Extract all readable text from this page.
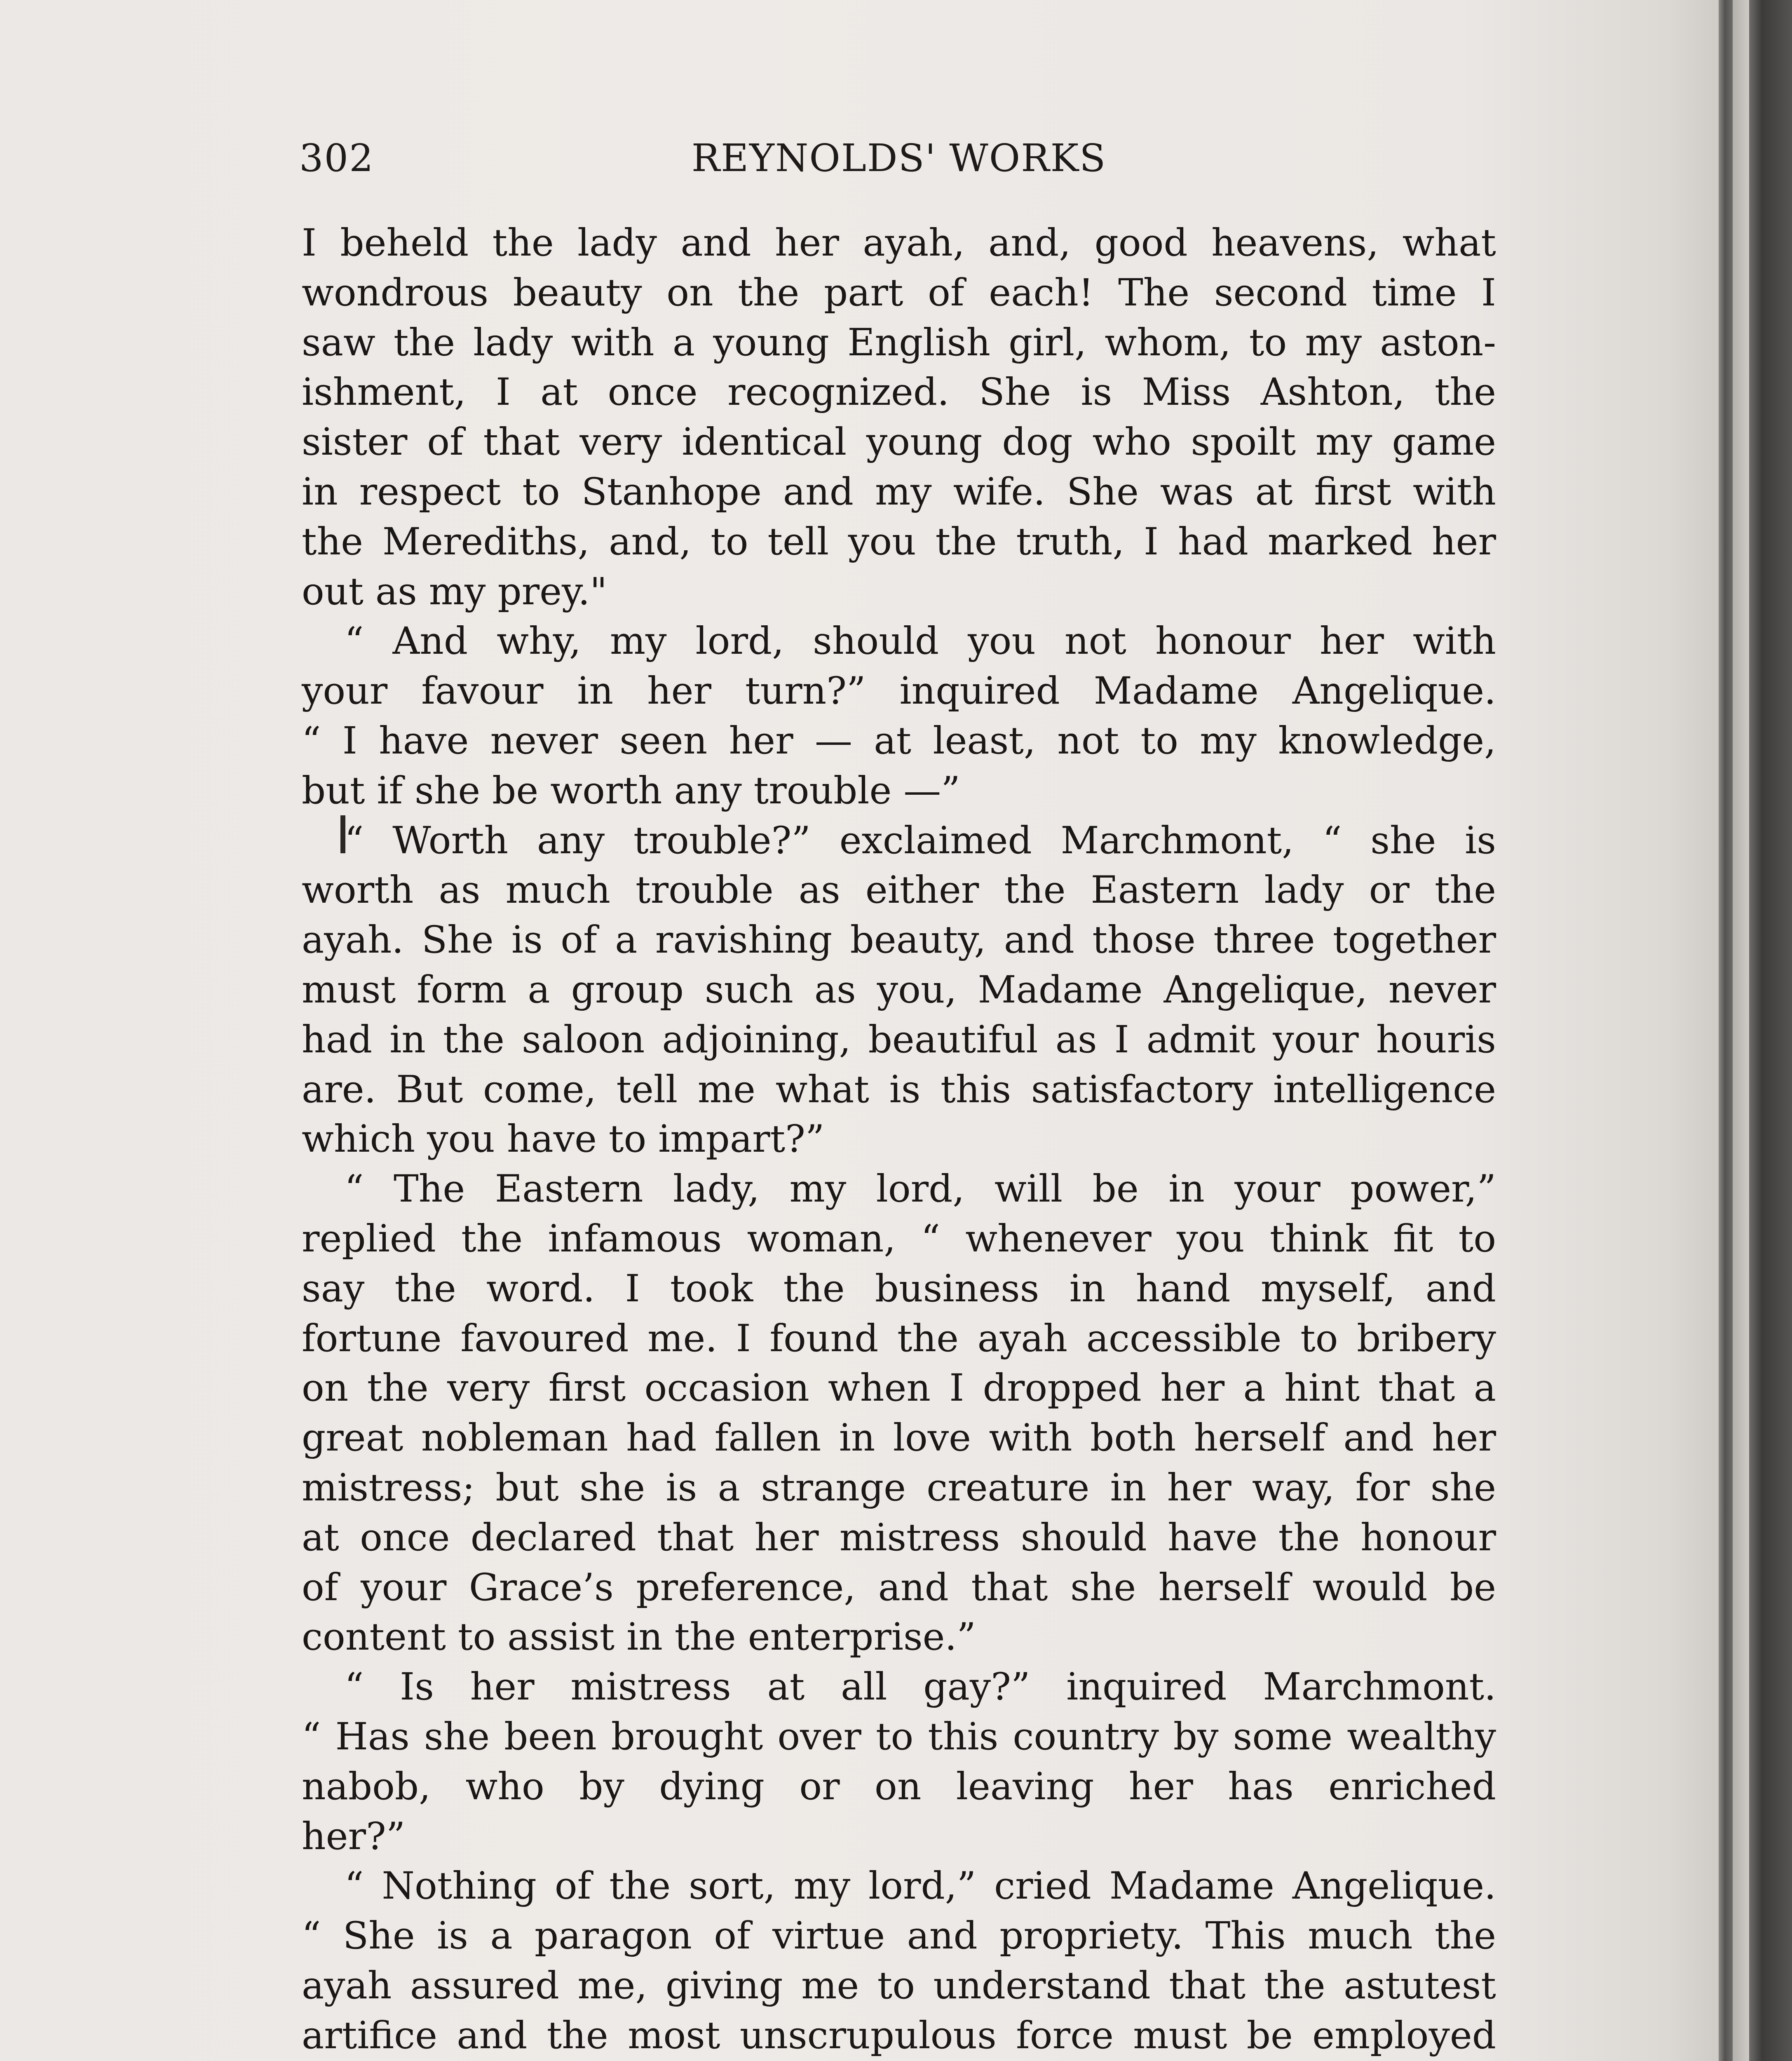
302	REYNOLDS' WORKS
I beheld the lady and her ayah, and, good heavens, what
wondrous beauty on the part of each! The second time I
saw the lady with a young English girl, whom, to my aston-
ishment, I at once recognized. She is Miss Ashton, the
sister of that very identical young dog who spoilt my game
in respect to Stanhope and my wife. She was at first with
the Merediths, and, to tell you the truth, I had marked her
out as my prey."
“ And why, my lord, should you not honour her with
your favour in her turn?” inquired Madame Angelique.
“ I have never seen her — at least, not to my knowledge,
but if she be worth any trouble —”
“ Worth any trouble?” exclaimed Marchmont, “ she is
worth as much trouble as either the Eastern lady or the
ayah. She is of a ravishing beauty, and those three together
must form a group such as you, Madame Angelique, never
had in the saloon adjoining, beautiful as I admit your houris
are. But come, tell me what is this satisfactory intelligence
which you have to impart?”
“ The Eastern lady, my lord, will be in your power,”
replied the infamous woman, “ whenever you think fit to
say the word. I took the business in hand myself, and
fortune favoured me. I found the ayah accessible to bribery
on the very first occasion when I dropped her a hint that a
great nobleman had fallen in love with both herself and her
mistress; but she is a strange creature in her way, for she
at once declared that her mistress should have the honour
of your Grace’s preference, and that she herself would be
content to assist in the enterprise.”
“ Is her mistress at all gay?” inquired Marchmont.
“ Has she been brought over to this country by some wealthy
nabob, who by dying or on leaving her has enriched
her?”
“ Nothing of the sort, my lord,” cried Madame Angelique.
“ She is a paragon of virtue and propriety. This much the
ayah assured me, giving me to understand that the astutest
artifice and the most unscrupulous force must be employed
